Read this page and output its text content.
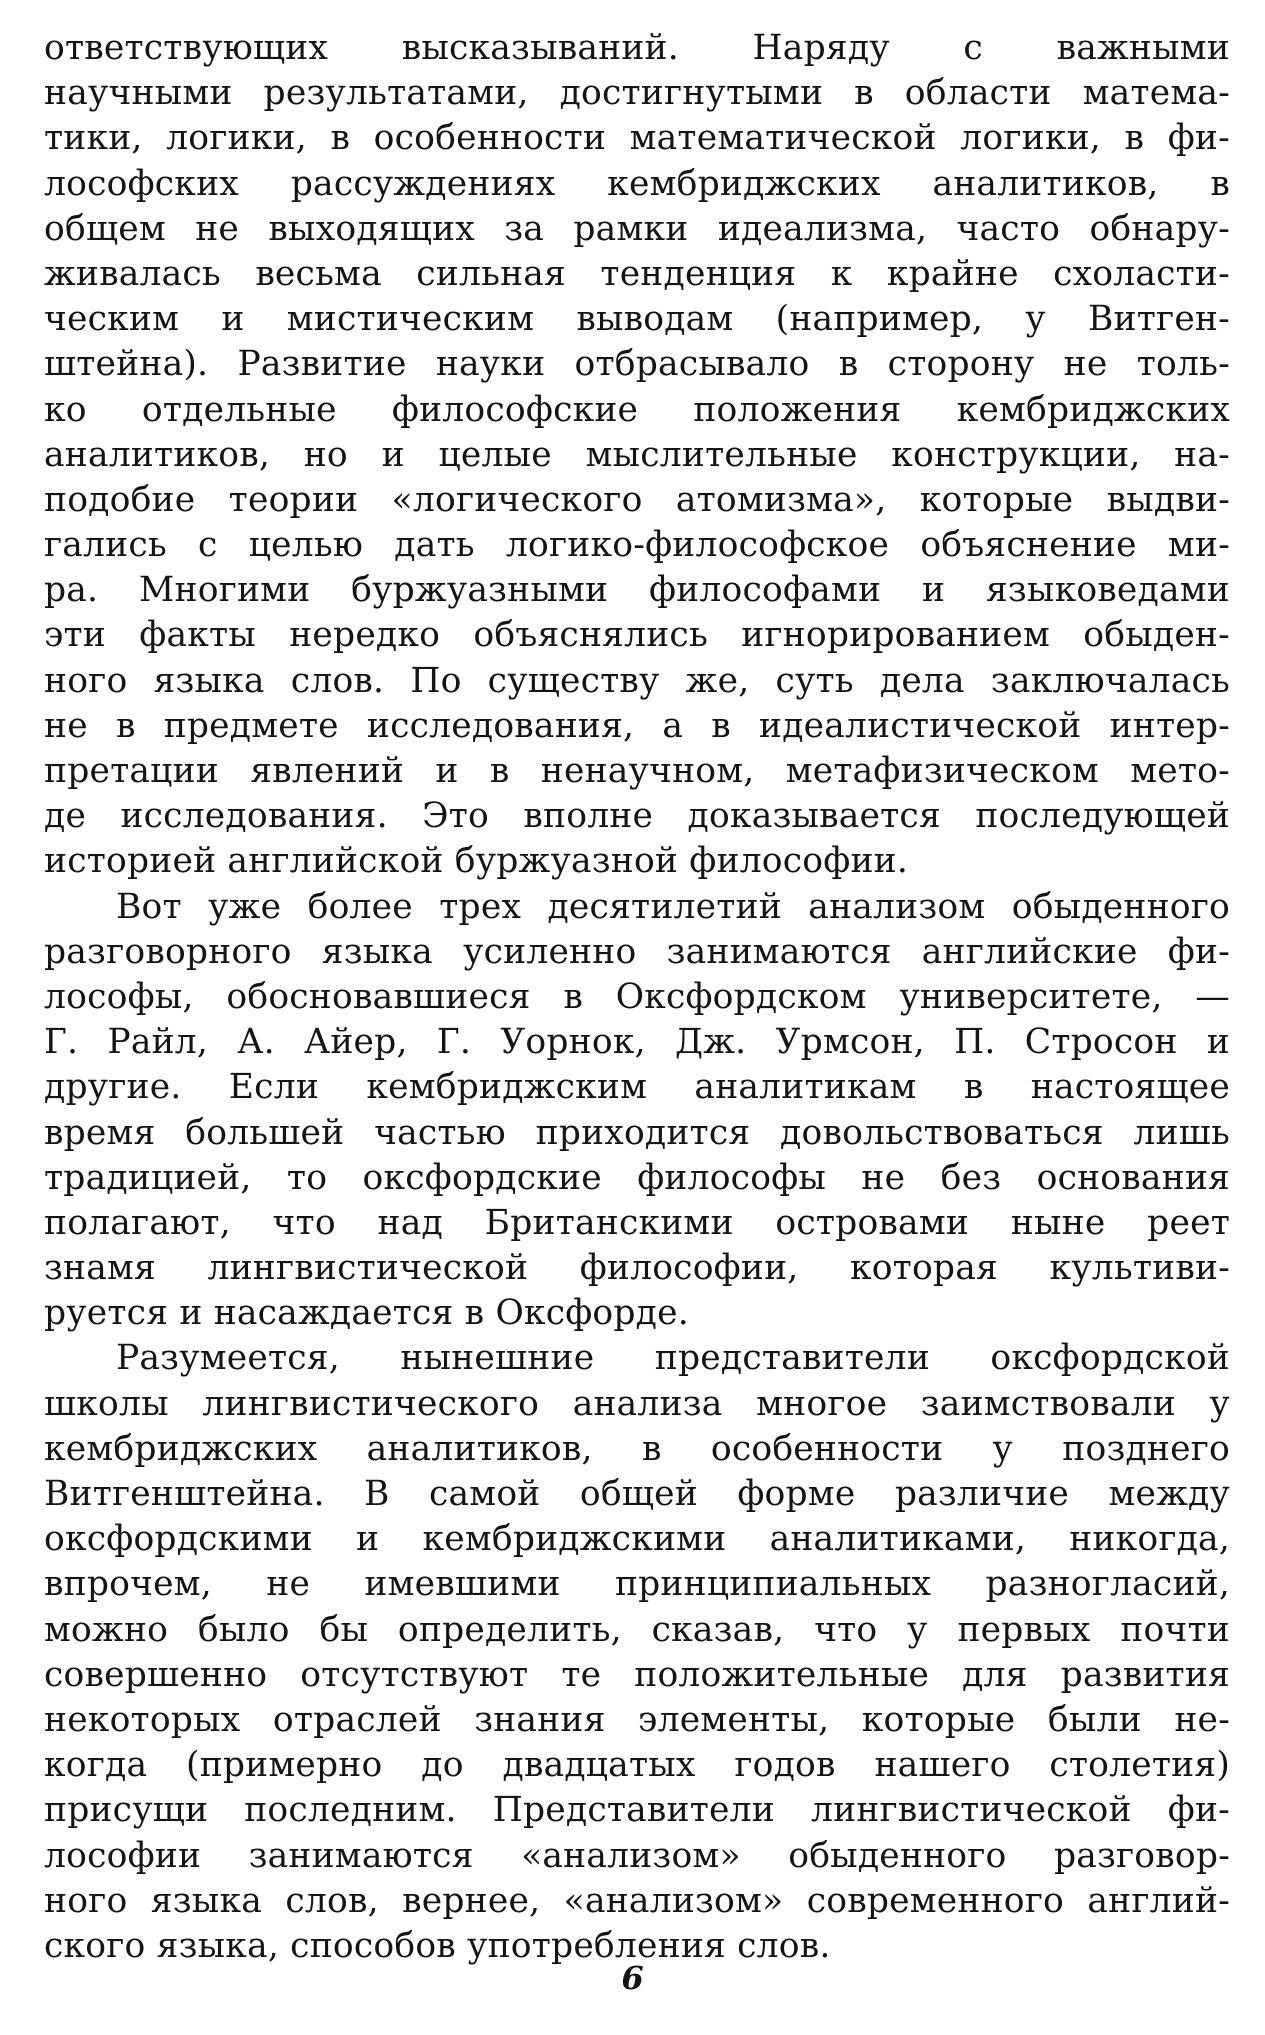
ответствующих высказываний. Наряду с важными
научными результатами, достигнутыми в области матема-
тики, логики, в особенности математической логики, в фи-
лософских рассуждениях кембриджских аналитиков, в
общем не выходящих за рамки идеализма, часто обнару-
живалась весьма сильная тенденция к крайне схоласти-
ческим и мистическим выводам (например, у Витген-
штейна). Развитие науки отбрасывало в сторону не толь-
ко отдельные философские положения кембриджских
аналитиков, но и целые мыслительные конструкции, на-
подобие теории «логического атомизма», которые выдви-
гались с целью дать логико-философское объяснение ми-
ра. Многими буржуазными философами и языковедами
эти факты нередко объяснялись игнорированием обыден-
ного языка слов. По существу же, суть дела заключалась
не в предмете исследования, а в идеалистической интер-
претации явлений и в ненаучном, метафизическом мето-
де исследования. Это вполне доказывается последующей
историей английской буржуазной философии.
Вот уже более трех десятилетий анализом обыденного
разговорного языка усиленно занимаются английские фи-
лософы, обосновавшиеся в Оксфордском университете, —
Г. Райл, А. Айер, Г. Уорнок, Дж. Урмсон, П. Стросон и
другие. Если кембриджским аналитикам в настоящее
время большей частью приходится довольствоваться лишь
традицией, то оксфордские философы не без основания
полагают, что над Британскими островами ныне реет
знамя лингвистической философии, которая культиви-
руется и насаждается в Оксфорде.
Разумеется, нынешние представители оксфордской
школы лингвистического анализа многое заимствовали у
кембриджских аналитиков, в особенности у позднего
Витгенштейна. В самой общей форме различие между
оксфордскими и кембриджскими аналитиками, никогда,
впрочем, не имевшими принципиальных разногласий,
можно было бы определить, сказав, что у первых почти
совершенно отсутствуют те положительные для развития
некоторых отраслей знания элементы, которые были не-
когда (примерно до двадцатых годов нашего столетия)
присущи последним. Представители лингвистической фи-
лософии занимаются «анализом» обыденного разговор-
ного языка слов, вернее, «анализом» современного англий-
ского языка, способов употребления слов.
6
